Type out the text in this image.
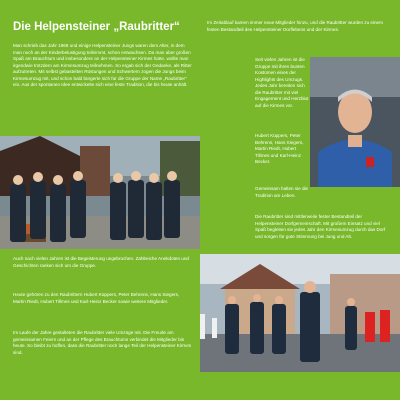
Die Helpensteiner „Raubritter“

Man schrieb das Jahr 1968 und einige Helpensteiner Jungs waren dem Alter, in dem man noch an der Kinderbelustigung teilnimmt, schon entwachsen. Da man aber großen Spaß am Brauchtum und insbesondere an der Helpensteiner Kirmes hatte, wollte man irgendwie trotzdem am Kirmesumzug teilnehmen. So ergab sich der Gedanke, als Ritter aufzutreten. Mit selbst gebastelten Rüstungen und Schwertern zogen die Jungs beim Kirmesumzug mit, und schon bald bürgerte sich für die Gruppe der Name „Raubritter“ ein. Aus der spontanen Idee entwickelte sich eine feste Tradition, die bis heute anhält.

Im Zeitablauf kamen immer neue Mitglieder hinzu, und die Raubritter wurden zu einem festen Bestandteil des Helpensteiner Dorflebens und der Kirmes.

Seit vielen Jahren ist die Gruppe mit ihren bunten Kostümen eines der Highlights des Umzugs. Jedes Jahr bereiten sich die Raubritter mit viel Engagement und Herzblut auf die Kirmes vor.

Hubert Küppers, Peter Behrens, Hans Siegers, Martin Riedt, Hubert Tillmes und Karl-Heinz Becker.

Gemeinsam halten sie die Tradition am Leben.

Die Raubritter sind mittlerweile fester Bestandteil der Helpensteiner Dorfgemeinschaft. Mit großem Einsatz und viel Spaß begleiten sie jedes Jahr den Kirmesumzug durch das Dorf und sorgen für gute Stimmung bei Jung und Alt.

Auch nach vielen Jahren ist die Begeisterung ungebrochen. Zahlreiche Anekdoten und Geschichten ranken sich um die Gruppe.

Heute gehören zu den Raubrittern Hubert Küppers, Peter Behrens, Hans Siegers, Martin Riedt, Hubert Tillmes und Karl-Heinz Becker sowie weitere Mitglieder.

Im Laufe der Jahre gestalteten die Raubritter viele Umzüge mit. Die Freude am gemeinsamen Feiern und an der Pflege des Brauchtums verbindet die Mitglieder bis heute. So bleibt zu hoffen, dass die Raubritter noch lange Teil der Helpensteiner Kirmes sind.
